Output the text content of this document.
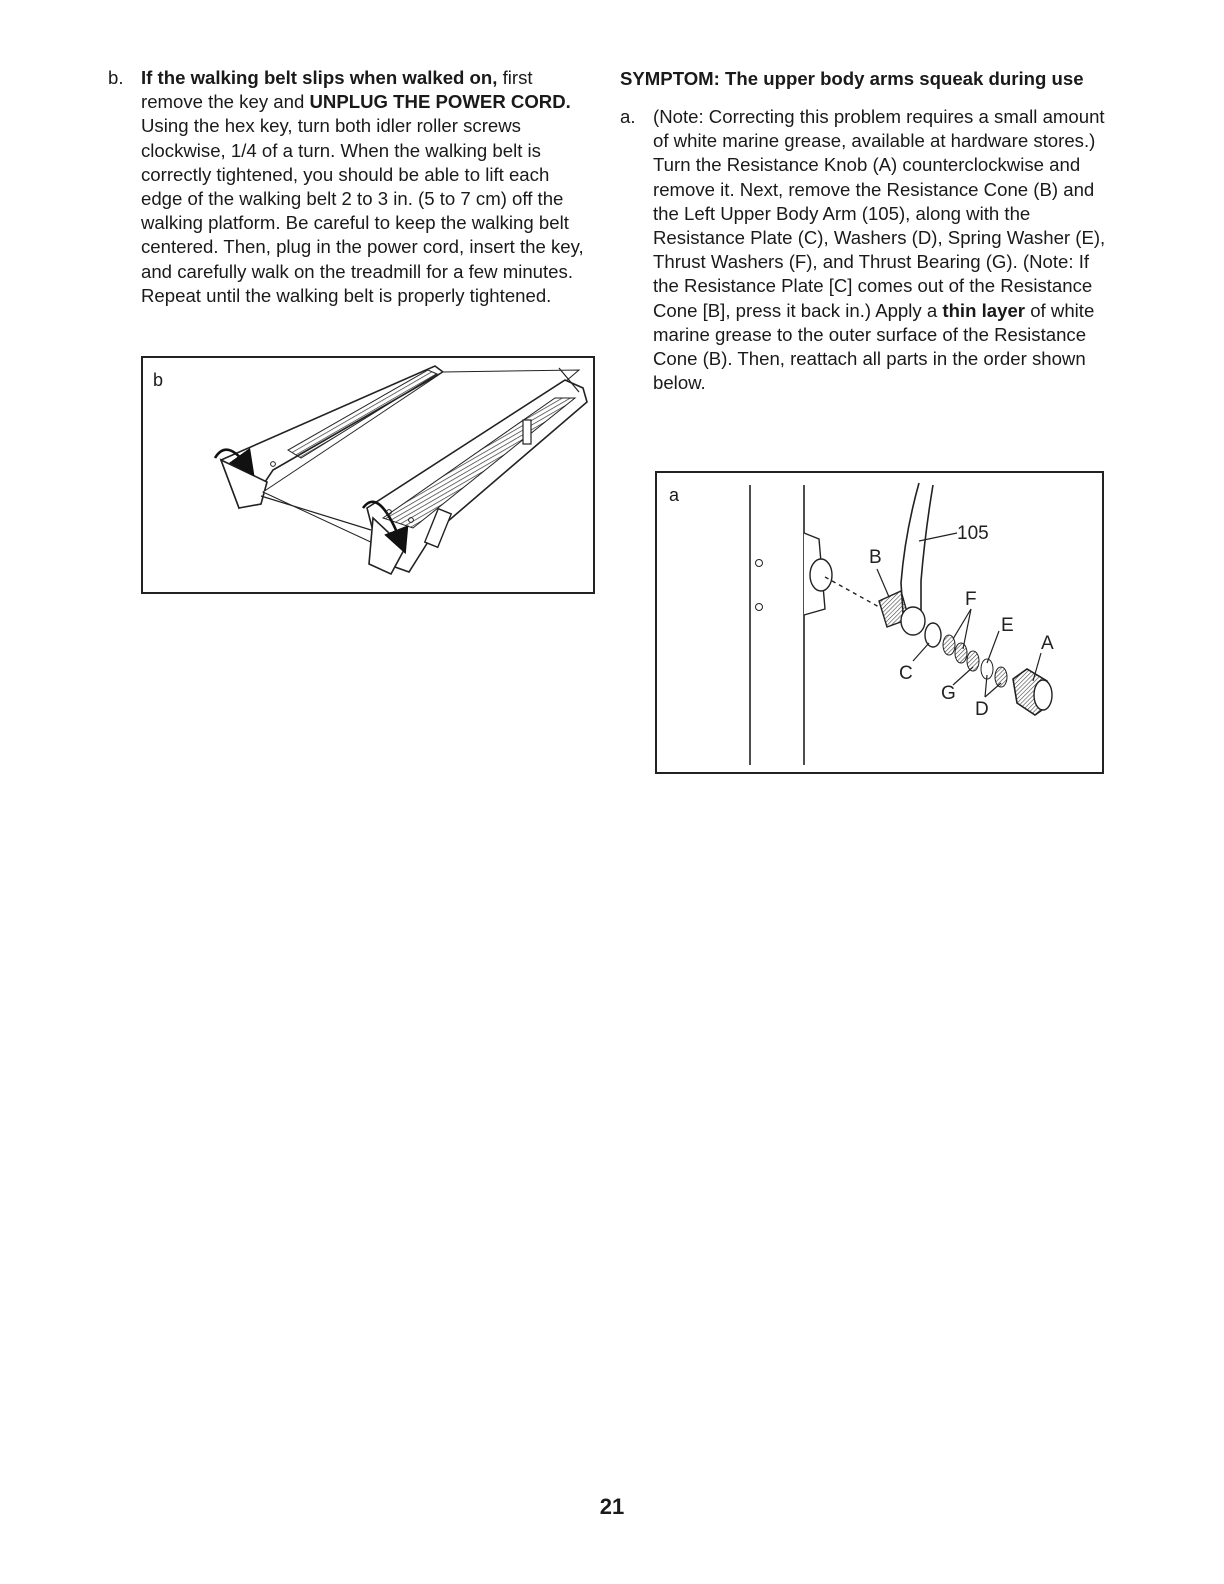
b. If the walking belt slips when walked on, first remove the key and UNPLUG THE POWER CORD. Using the hex key, turn both idler roller screws clockwise, 1/4 of a turn. When the walking belt is correctly tightened, you should be able to lift each edge of the walking belt 2 to 3 in. (5 to 7 cm) off the walking platform. Be careful to keep the walking belt centered. Then, plug in the power cord, insert the key, and carefully walk on the treadmill for a few minutes. Repeat until the walking belt is properly tightened.

b
SYMPTOM: The upper body arms squeak during use

a. (Note: Correcting this problem requires a small amount of white marine grease, available at hardware stores.) Turn the Resistance Knob (A) counterclockwise and remove it. Next, remove the Resistance Cone (B) and the Left Upper Body Arm (105), along with the Resistance Plate (C), Washers (D), Spring Washer (E), Thrust Washers (F), and Thrust Bearing (G). (Note: If the Resistance Plate [C] comes out of the Resistance Cone [B], press it back in.) Apply a thin layer of white marine grease to the outer surface of the Resistance Cone (B). Then, reattach all parts in the order shown below.

a
105
B
F
E
A
C
G
D
21
